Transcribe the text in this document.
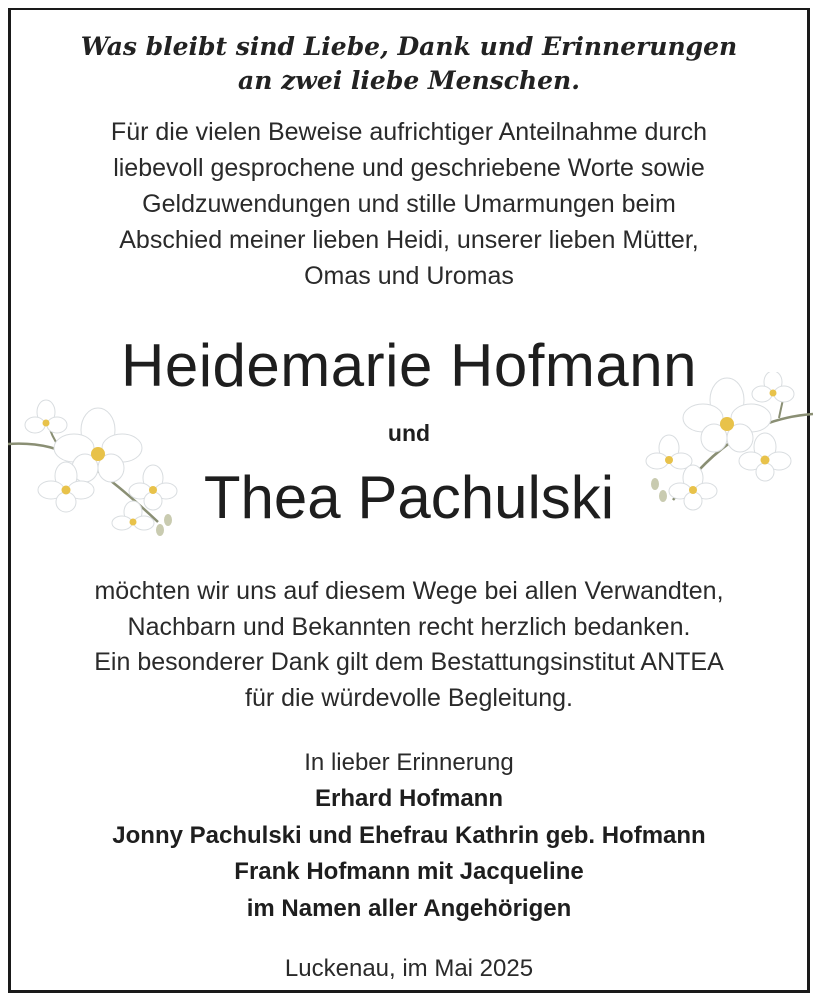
Was bleibt sind Liebe, Dank und Erinnerungen
an zwei liebe Menschen.
Für die vielen Beweise aufrichtiger Anteilnahme durch
liebevoll gesprochene und geschriebene Worte sowie
Geldzuwendungen und stille Umarmungen beim
Abschied meiner lieben Heidi, unserer lieben Mütter,
Omas und Uromas
Heidemarie Hofmann
und
Thea Pachulski
möchten wir uns auf diesem Wege bei allen Verwandten,
Nachbarn und Bekannten recht herzlich bedanken.
Ein besonderer Dank gilt dem Bestattungsinstitut ANTEA
für die würdevolle Begleitung.
In lieber Erinnerung
Erhard Hofmann
Jonny Pachulski und Ehefrau Kathrin geb. Hofmann
Frank Hofmann mit Jacqueline
im Namen aller Angehörigen
Luckenau, im Mai 2025
